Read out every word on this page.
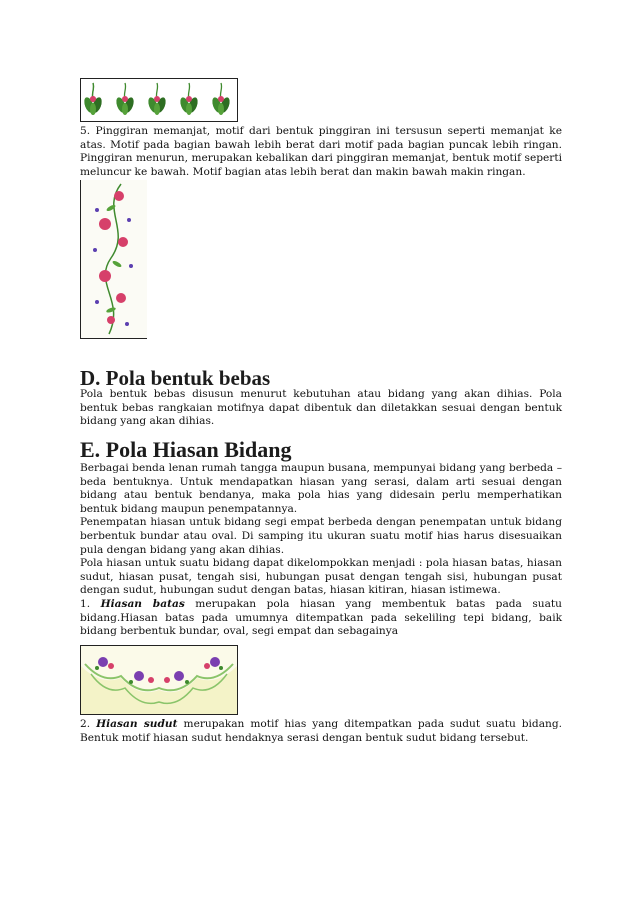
5. Pinggiran memanjat, motif dari bentuk pinggiran ini tersusun seperti memanjat ke atas. Motif pada bagian bawah lebih berat dari motif pada bagian puncak lebih ringan. Pinggiran menurun, merupakan kebalikan dari pinggiran memanjat, bentuk motif seperti meluncur ke bawah. Motif bagian atas lebih berat dan makin bawah makin ringan.

D. Pola bentuk bebas

Pola bentuk bebas disusun menurut kebutuhan atau bidang yang akan dihias. Pola bentuk bebas rangkaian motifnya dapat dibentuk dan diletakkan sesuai dengan bentuk bidang yang akan dihias.

E. Pola Hiasan Bidang

Berbagai benda lenan rumah tangga maupun busana, mempunyai bidang yang berbeda – beda bentuknya. Untuk mendapatkan hiasan yang serasi, dalam arti sesuai dengan bidang atau bentuk bendanya, maka pola hias yang didesain perlu memperhatikan bentuk bidang maupun penempatannya.

Penempatan hiasan untuk bidang segi empat berbeda dengan penempatan untuk bidang berbentuk bundar atau oval. Di samping itu ukuran suatu motif hias harus disesuaikan pula dengan bidang yang akan dihias.

Pola hiasan untuk suatu bidang dapat dikelompokkan menjadi : pola hiasan batas, hiasan sudut, hiasan pusat, tengah sisi, hubungan pusat dengan tengah sisi, hubungan pusat dengan sudut, hubungan sudut dengan batas, hiasan kitiran, hiasan istimewa.

1. Hiasan batas merupakan pola hiasan yang membentuk batas pada suatu bidang.Hiasan batas pada umumnya ditempatkan pada sekeliling tepi bidang, baik bidang berbentuk bundar, oval, segi empat dan sebagainya

2. Hiasan sudut merupakan motif hias yang ditempatkan pada sudut suatu bidang. Bentuk motif hiasan sudut hendaknya serasi dengan bentuk sudut bidang tersebut.
